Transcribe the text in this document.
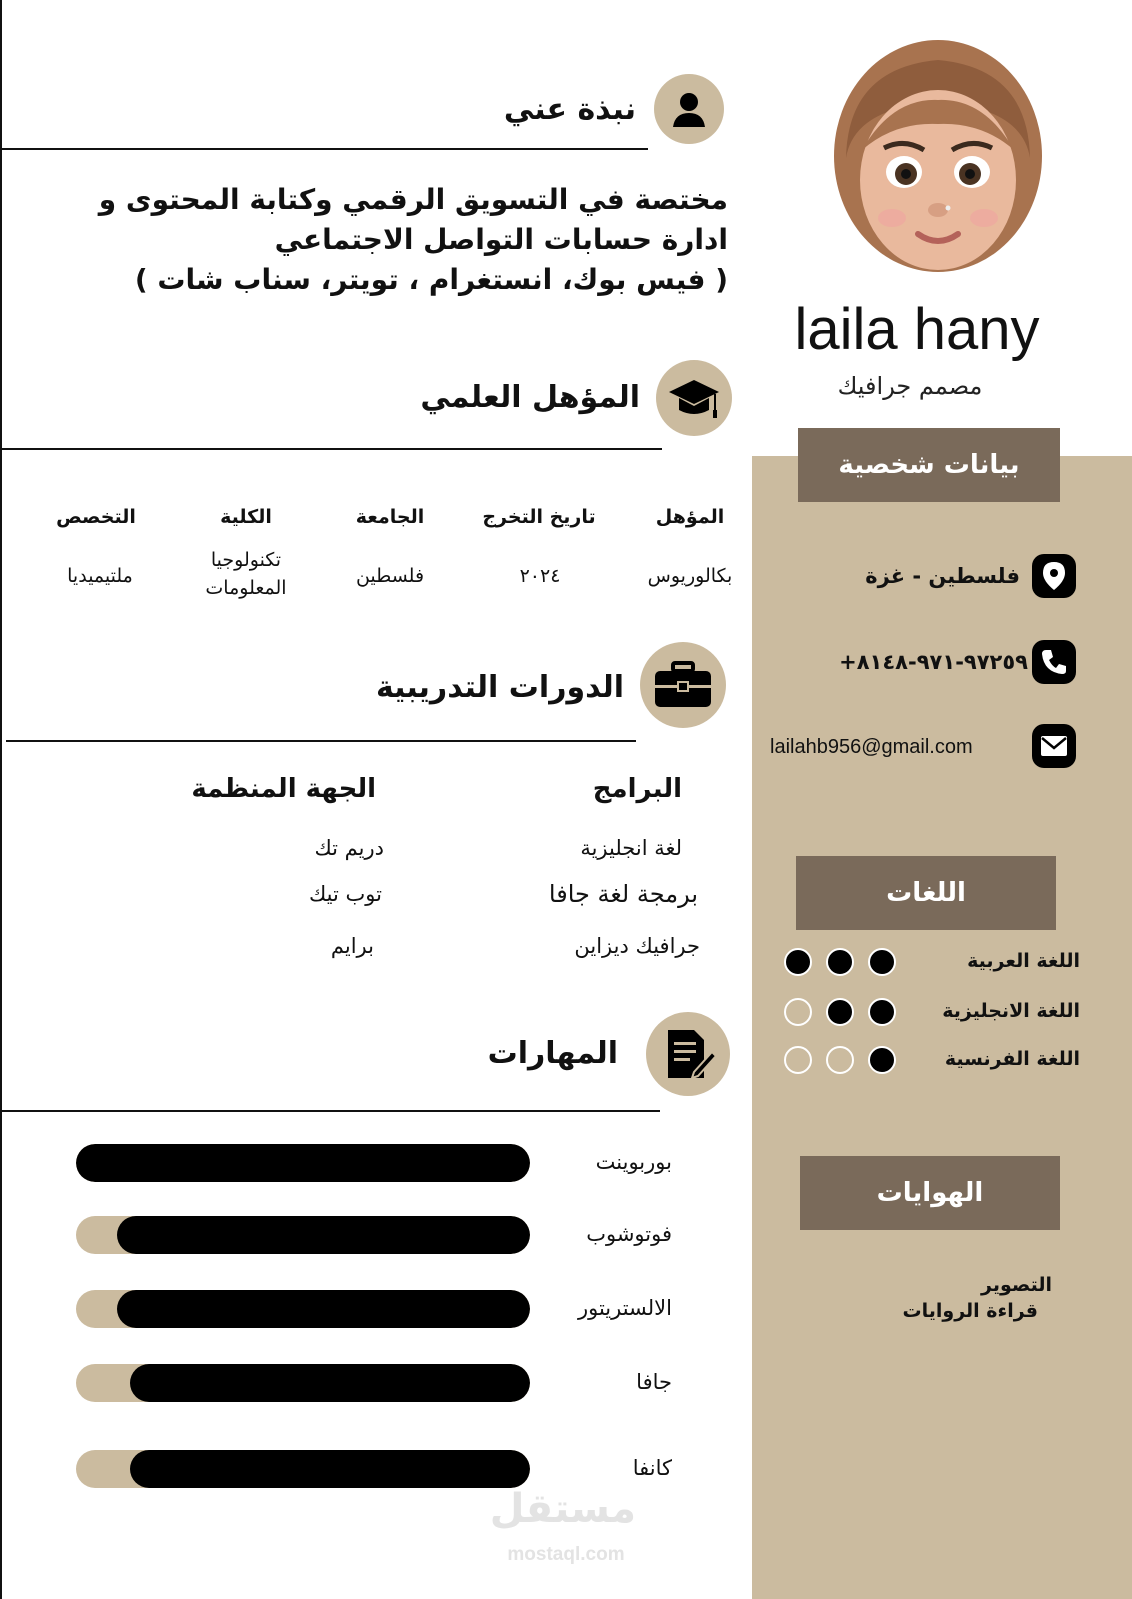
laila hany
مصمم جرافيك
نبذة عني
مختصة في التسويق الرقمي وكتابة المحتوى و
ادارة حسابات التواصل الاجتماعي
( فيس بوك، انستغرام ، تويتر، سناب شات )
المؤهل العلمي
المؤهل
تاريخ التخرج
الجامعة
الكلية
التخصص
بكالوريوس
٢٠٢٤
فلسطين
تكنولوجيا المعلومات
ملتيميديا
الدورات التدريبية
البرامج
الجهة المنظمة
لغة انجليزية
برمجة لغة جافا
جرافيك ديزاين
دريم تك
توب تيك
برايم
المهارات
بوربوينت
فوتوشوب
الالستريتور
جافا
كانفا
بيانات شخصية
فلسطين - غزة
+٩٧٢٥٩-٩٧١-٨١٤٨
lailahb956@gmail.com
اللغات
اللغة العربية
اللغة الانجليزية
اللغة الفرنسية
الهوايات
التصوير
قراءة الروايات
مستقل
mostaql.com
